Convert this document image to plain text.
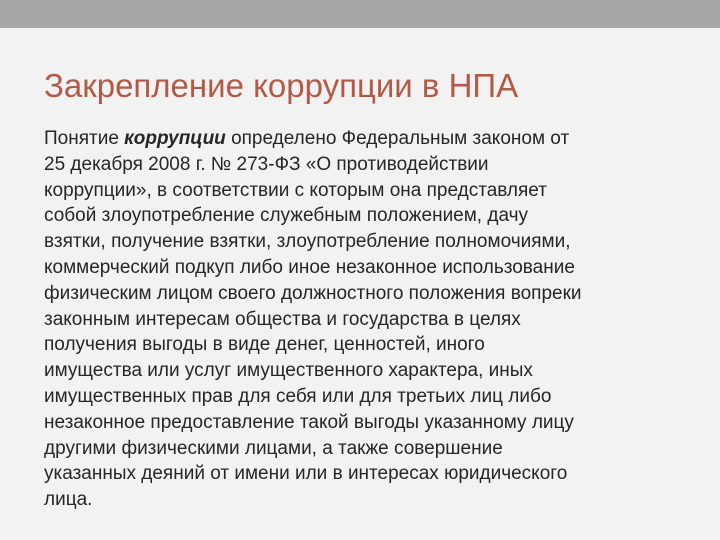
Закрепление коррупции в НПА
Понятие коррупции определено Федеральным законом от
25 декабря 2008 г. № 273-ФЗ «О противодействии
коррупции», в соответствии с которым она представляет
собой злоупотребление служебным положением, дачу
взятки, получение взятки, злоупотребление полномочиями,
коммерческий подкуп либо иное незаконное использование
физическим лицом своего должностного положения вопреки
законным интересам общества и государства в целях
получения выгоды в виде денег, ценностей, иного
имущества или услуг имущественного характера, иных
имущественных прав для себя или для третьих лиц либо
незаконное предоставление такой выгоды указанному лицу
другими физическими лицами, а также совершение
указанных деяний от имени или в интересах юридического
лица.
